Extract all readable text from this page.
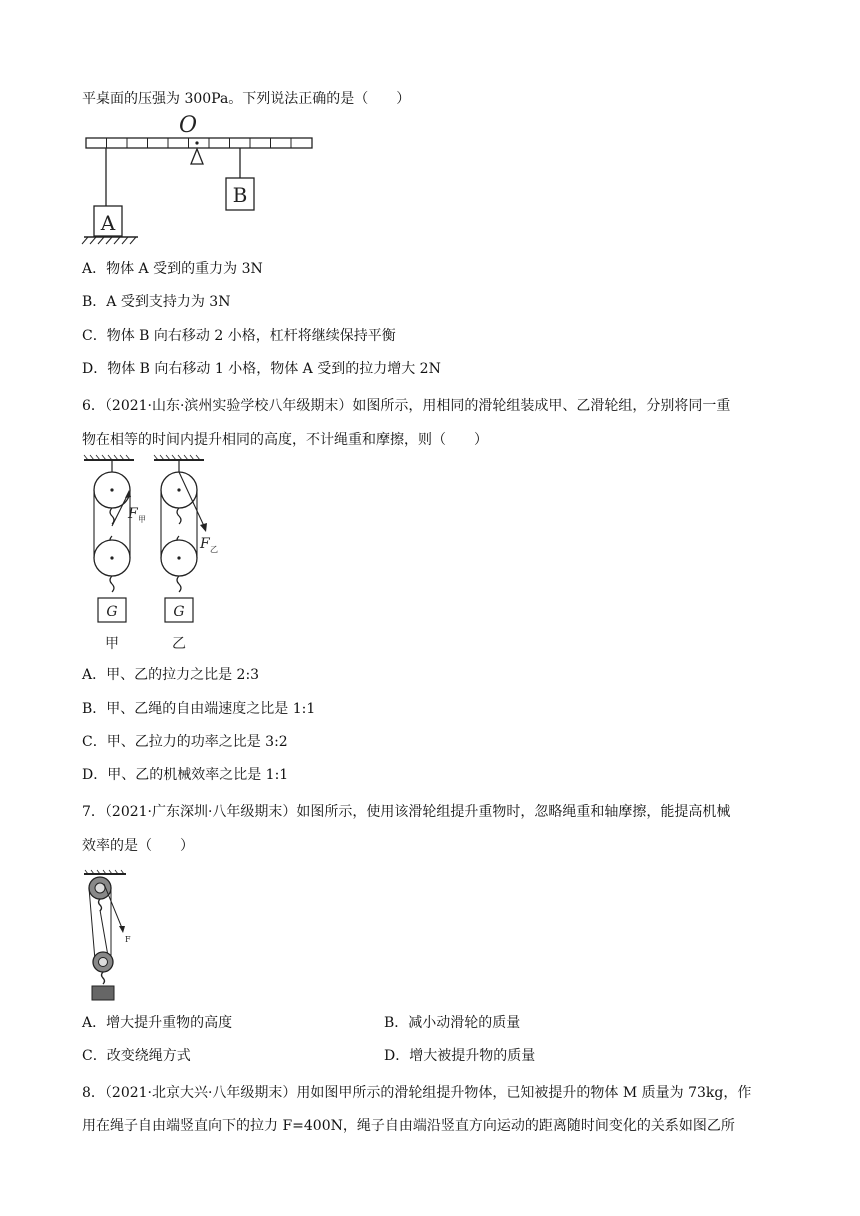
平桌面的压强为 300Pa。下列说法正确的是（　　）
O
A
B
A．物体 A 受到的重力为 3N
B．A 受到支持力为 3N
C．物体 B 向右移动 2 小格，杠杆将继续保持平衡
D．物体 B 向右移动 1 小格，物体 A 受到的拉力增大 2N
6．（2021·山东·滨州实验学校八年级期末）如图所示，用相同的滑轮组装成甲、乙滑轮组，分别将同一重
物在相等的时间内提升相同的高度，不计绳重和摩擦，则（　　）
G
F 甲
甲
G
F 乙
乙
A．甲、乙的拉力之比是 2:3
B．甲、乙绳的自由端速度之比是 1:1
C．甲、乙拉力的功率之比是 3:2
D．甲、乙的机械效率之比是 1:1
7．（2021·广东深圳·八年级期末）如图所示，使用该滑轮组提升重物时，忽略绳重和轴摩擦，能提高机械
效率的是（　　）
F
A．增大提升重物的高度	B．减小动滑轮的质量
C．改变绕绳方式	D．增大被提升物的质量
8．（2021·北京大兴·八年级期末）用如图甲所示的滑轮组提升物体，已知被提升的物体 M 质量为 73kg，作
用在绳子自由端竖直向下的拉力 F=400N，绳子自由端沿竖直方向运动的距离随时间变化的关系如图乙所
